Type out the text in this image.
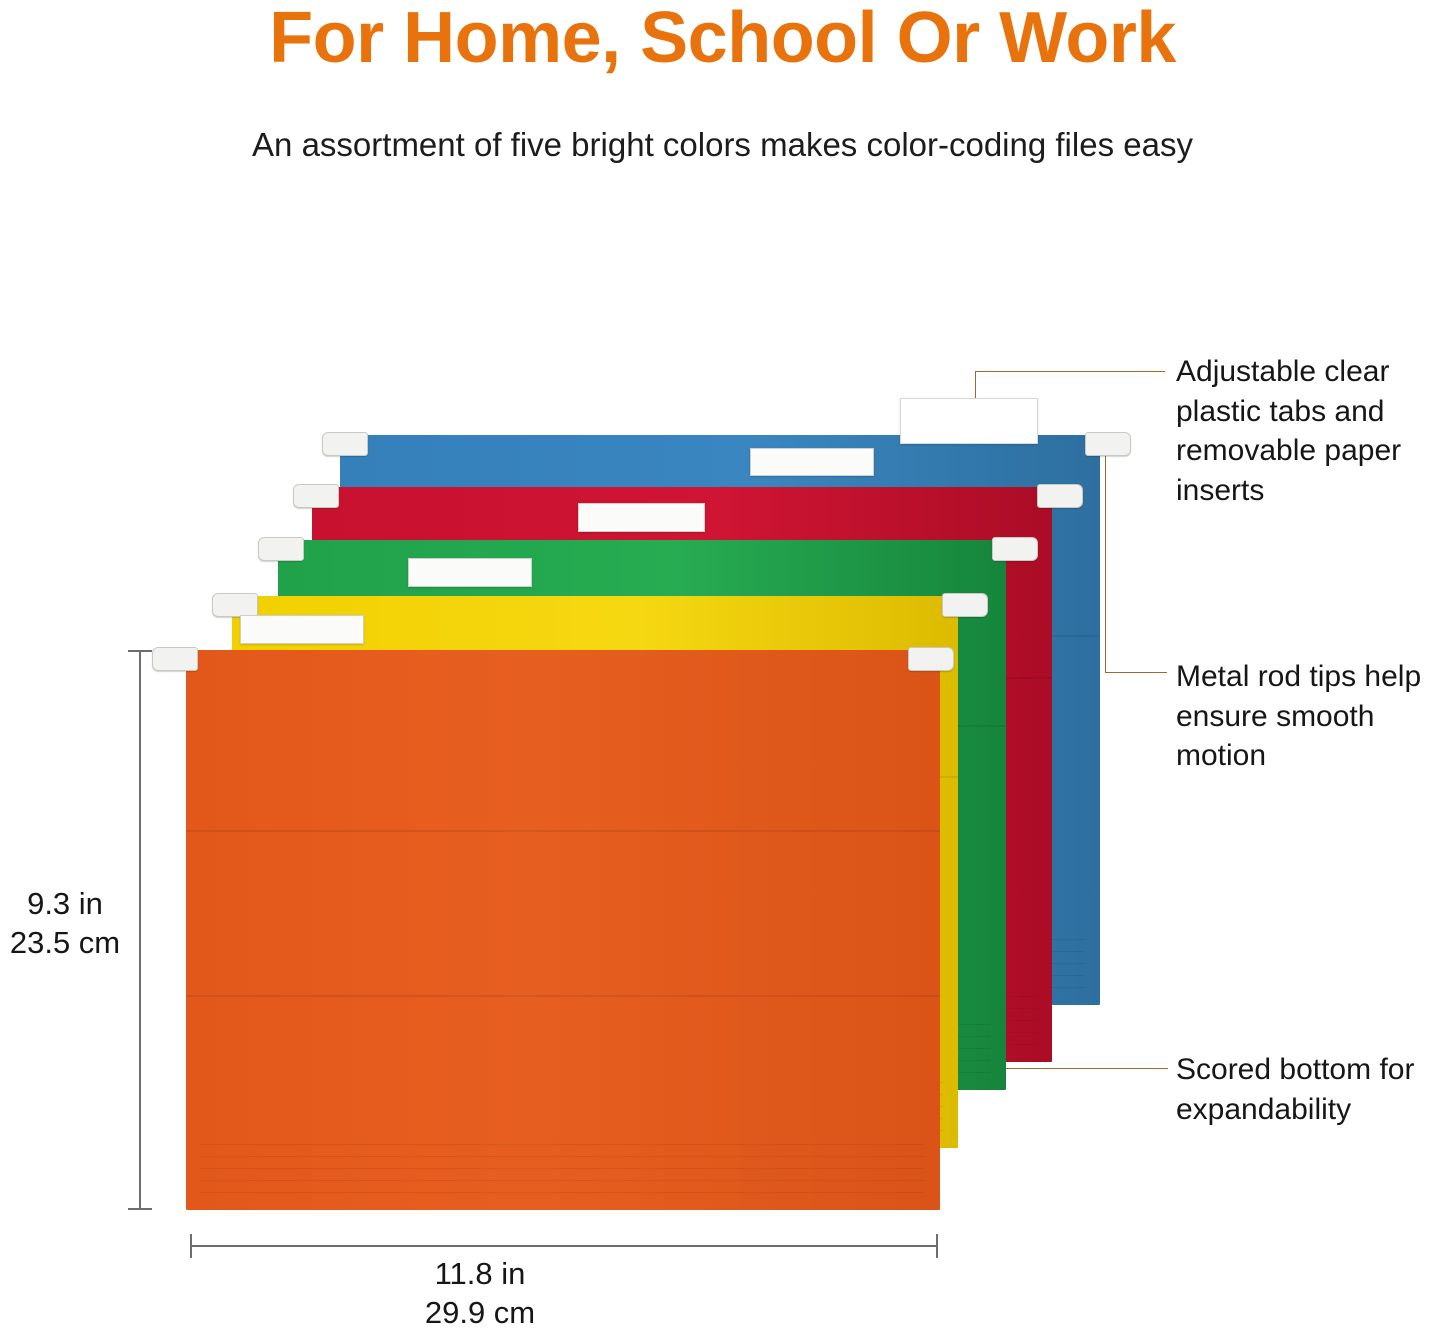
For Home, School Or Work
An assortment of five bright colors makes color-coding files easy
Adjustable clear plastic tabs and removable paper inserts
Metal rod tips help ensure smooth motion
Scored bottom for expandability
9.3 in
23.5 cm
11.8 in
29.9 cm
